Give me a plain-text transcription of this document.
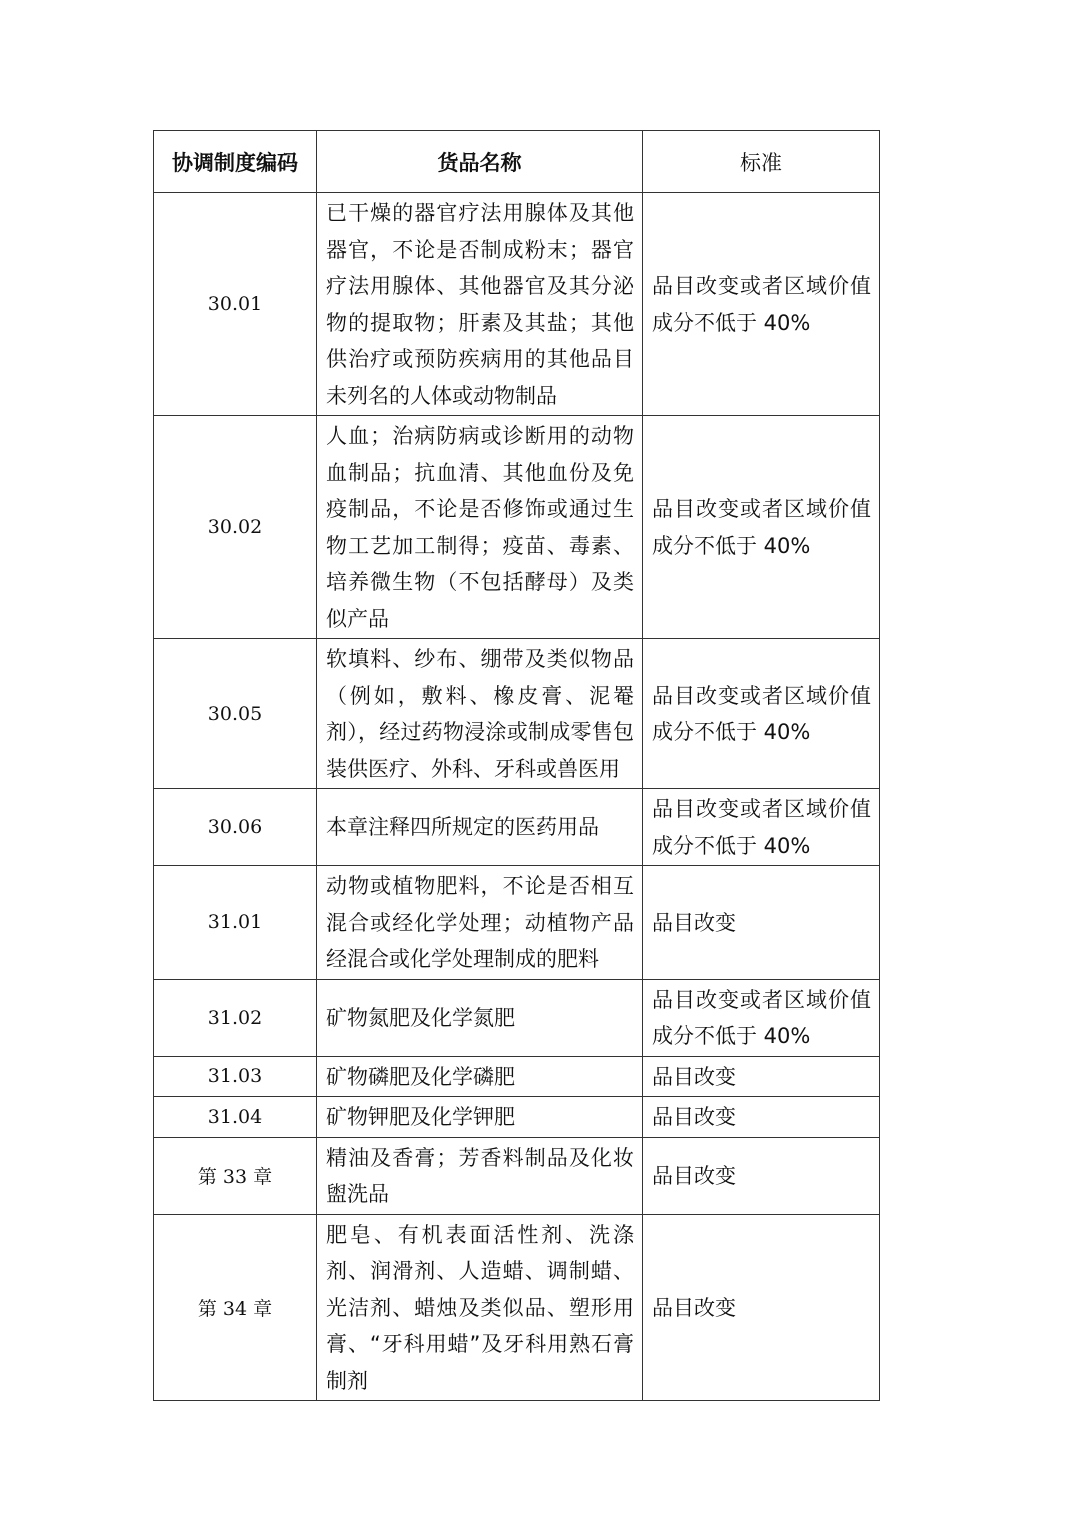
协调制度编码	货品名称	标准
30.01	已干燥的器官疗法用腺体及其他器官，不论是否制成粉末；器官疗法用腺体、其他器官及其分泌物的提取物；肝素及其盐；其他供治疗或预防疾病用的其他品目未列名的人体或动物制品	品目改变或者区域价值成分不低于 40%
30.02	人血；治病防病或诊断用的动物血制品；抗血清、其他血份及免疫制品，不论是否修饰或通过生物工艺加工制得；疫苗、毒素、培养微生物（不包括酵母）及类似产品	品目改变或者区域价值成分不低于 40%
30.05	软填料、纱布、绷带及类似物品（例如，敷料、橡皮膏、泥罨剂），经过药物浸涂或制成零售包装供医疗、外科、牙科或兽医用	品目改变或者区域价值成分不低于 40%
30.06	本章注释四所规定的医药用品	品目改变或者区域价值成分不低于 40%
31.01	动物或植物肥料，不论是否相互混合或经化学处理；动植物产品经混合或化学处理制成的肥料	品目改变
31.02	矿物氮肥及化学氮肥	品目改变或者区域价值成分不低于 40%
31.03	矿物磷肥及化学磷肥	品目改变
31.04	矿物钾肥及化学钾肥	品目改变
第 33 章	精油及香膏；芳香料制品及化妆盥洗品	品目改变
第 34 章	肥皂、有机表面活性剂、洗涤剂、润滑剂、人造蜡、调制蜡、光洁剂、蜡烛及类似品、塑形用膏、“牙科用蜡”及牙科用熟石膏制剂	品目改变
